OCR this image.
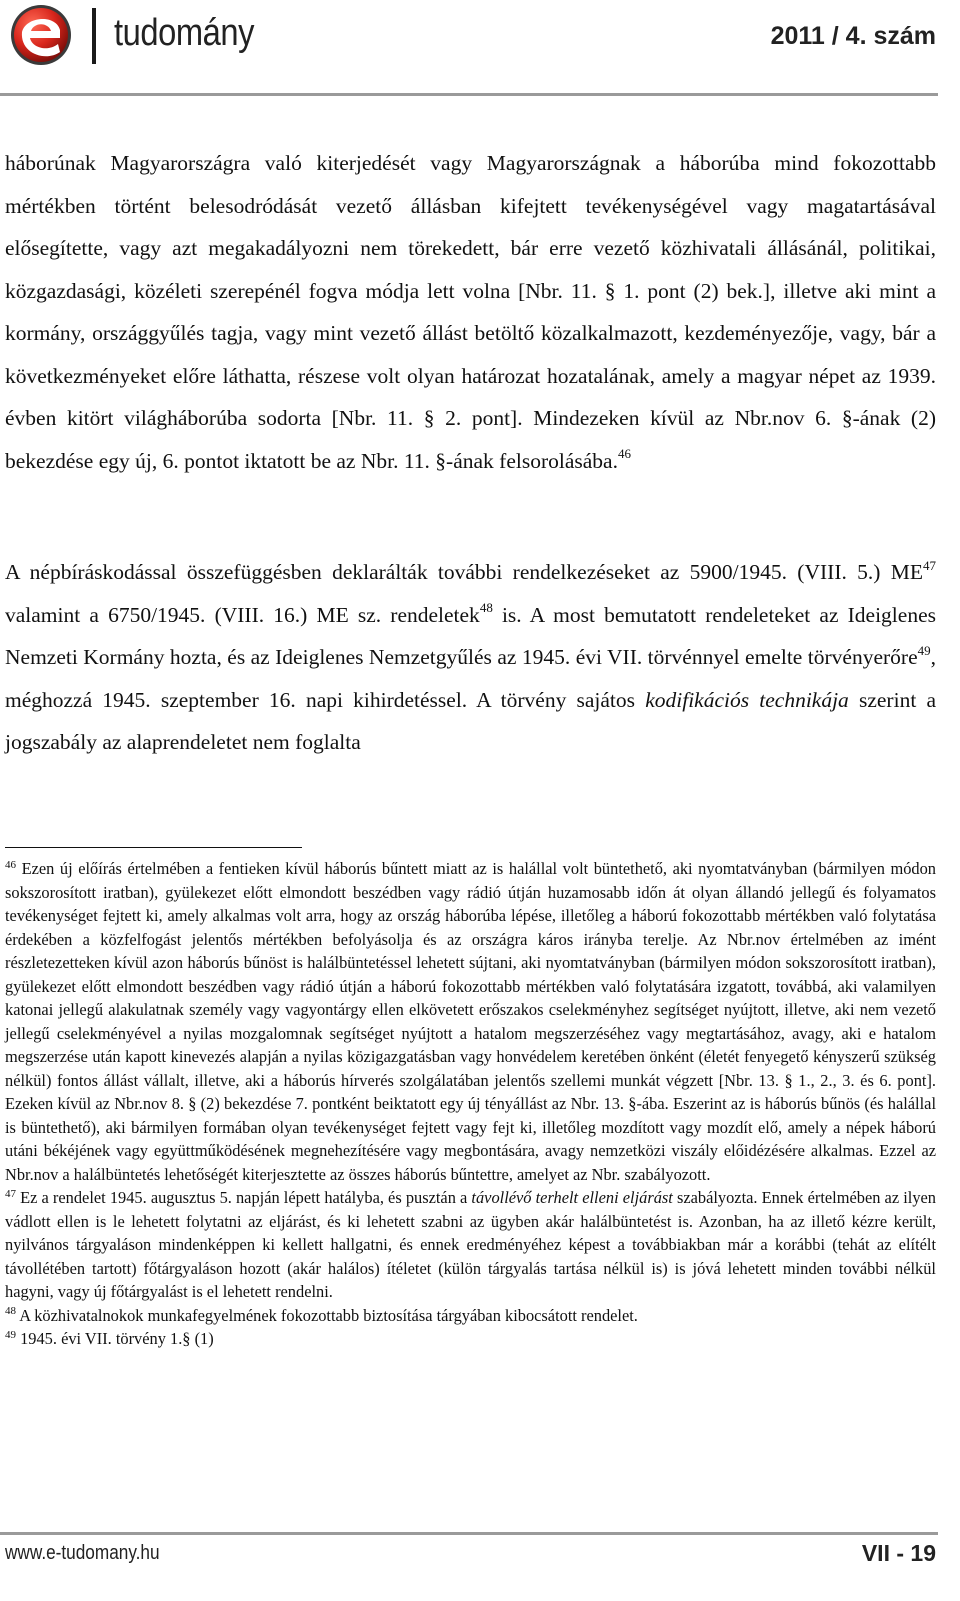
tudomány	2011 / 4. szám

háborúnak Magyarországra való kiterjedését vagy Magyarországnak a háborúba mind fokozottabb mértékben történt belesodródását vezető állásban kifejtett tevékenységével vagy magatartásával elősegítette, vagy azt megakadályozni nem törekedett, bár erre vezető közhivatali állásánál, politikai, közgazdasági, közéleti szerepénél fogva módja lett volna [Nbr. 11. § 1. pont (2) bek.], illetve aki mint a kormány, országgyűlés tagja, vagy mint vezető állást betöltő közalkalmazott, kezdeményezője, vagy, bár a következményeket előre láthatta, részese volt olyan határozat hozatalának, amely a magyar népet az 1939. évben kitört világháborúba sodorta [Nbr. 11. § 2. pont]. Mindezeken kívül az Nbr.nov 6. §-ának (2) bekezdése egy új, 6. pontot iktatott be az Nbr. 11. §-ának felsorolásába.$^{46}$

A népbíráskodással összefüggésben deklarálták további rendelkezéseket az 5900/1945. (VIII. 5.) ME$^{47}$ valamint a 6750/1945. (VIII. 16.) ME sz. rendeletek$^{48}$ is. A most bemutatott rendeleteket az Ideiglenes Nemzeti Kormány hozta, és az Ideiglenes Nemzetgyűlés az 1945. évi VII. törvénnyel emelte törvényerőre$^{49}$, méghozzá 1945. szeptember 16. napi kihirdetéssel. A törvény sajátos kodifikációs technikája szerint a jogszabály az alaprendeletet nem foglalta

$^{46}$ Ezen új előírás értelmében a fentieken kívül háborús bűntett miatt az is halállal volt büntethető, aki nyomtatványban (bármilyen módon sokszorosított iratban), gyülekezet előtt elmondott beszédben vagy rádió útján huzamosabb időn át olyan állandó jellegű és folyamatos tevékenységet fejtett ki, amely alkalmas volt arra, hogy az ország háborúba lépése, illetőleg a háború fokozottabb mértékben való folytatása érdekében a közfelfogást jelentős mértékben befolyásolja és az országra káros irányba terelje. Az Nbr.nov értelmében az imént részletezetteken kívül azon háborús bűnöst is halálbüntetéssel lehetett sújtani, aki nyomtatványban (bármilyen módon sokszorosított iratban), gyülekezet előtt elmondott beszédben vagy rádió útján a háború fokozottabb mértékben való folytatására izgatott, továbbá, aki valamilyen katonai jellegű alakulatnak személy vagy vagyontárgy ellen elkövetett erőszakos cselekményhez segítséget nyújtott, illetve, aki nem vezető jellegű cselekményével a nyilas mozgalomnak segítséget nyújtott a hatalom megszerzéséhez vagy megtartásához, avagy, aki e hatalom megszerzése után kapott kinevezés alapján a nyilas közigazgatásban vagy honvédelem keretében önként (életét fenyegető kényszerű szükség nélkül) fontos állást vállalt, illetve, aki a háborús hírverés szolgálatában jelentős szellemi munkát végzett [Nbr. 13. § 1., 2., 3. és 6. pont]. Ezeken kívül az Nbr.nov 8. § (2) bekezdése 7. pontként beiktatott egy új tényállást az Nbr. 13. §-ába. Eszerint az is háborús bűnös (és halállal is büntethető), aki bármilyen formában olyan tevékenységet fejtett vagy fejt ki, illetőleg mozdított vagy mozdít elő, amely a népek háború utáni békéjének vagy együttműködésének megnehezítésére vagy megbontására, avagy nemzetközi viszály előidézésére alkalmas. Ezzel az Nbr.nov a halálbüntetés lehetőségét kiterjesztette az összes háborús bűntettre, amelyet az Nbr. szabályozott.

$^{47}$ Ez a rendelet 1945. augusztus 5. napján lépett hatályba, és pusztán a távollévő terhelt elleni eljárást szabályozta. Ennek értelmében az ilyen vádlott ellen is le lehetett folytatni az eljárást, és ki lehetett szabni az ügyben akár halálbüntetést is. Azonban, ha az illető kézre került, nyilvános tárgyaláson mindenképpen ki kellett hallgatni, és ennek eredményéhez képest a továbbiakban már a korábbi (tehát az elítélt távollétében tartott) főtárgyaláson hozott (akár halálos) ítéletet (külön tárgyalás tartása nélkül is) is jóvá lehetett minden további nélkül hagyni, vagy új főtárgyalást is el lehetett rendelni.

$^{48}$ A közhivatalnokok munkafegyelmének fokozottabb biztosítása tárgyában kibocsátott rendelet.

$^{49}$ 1945. évi VII. törvény 1.§ (1)

www.e-tudomany.hu	VII - 19
